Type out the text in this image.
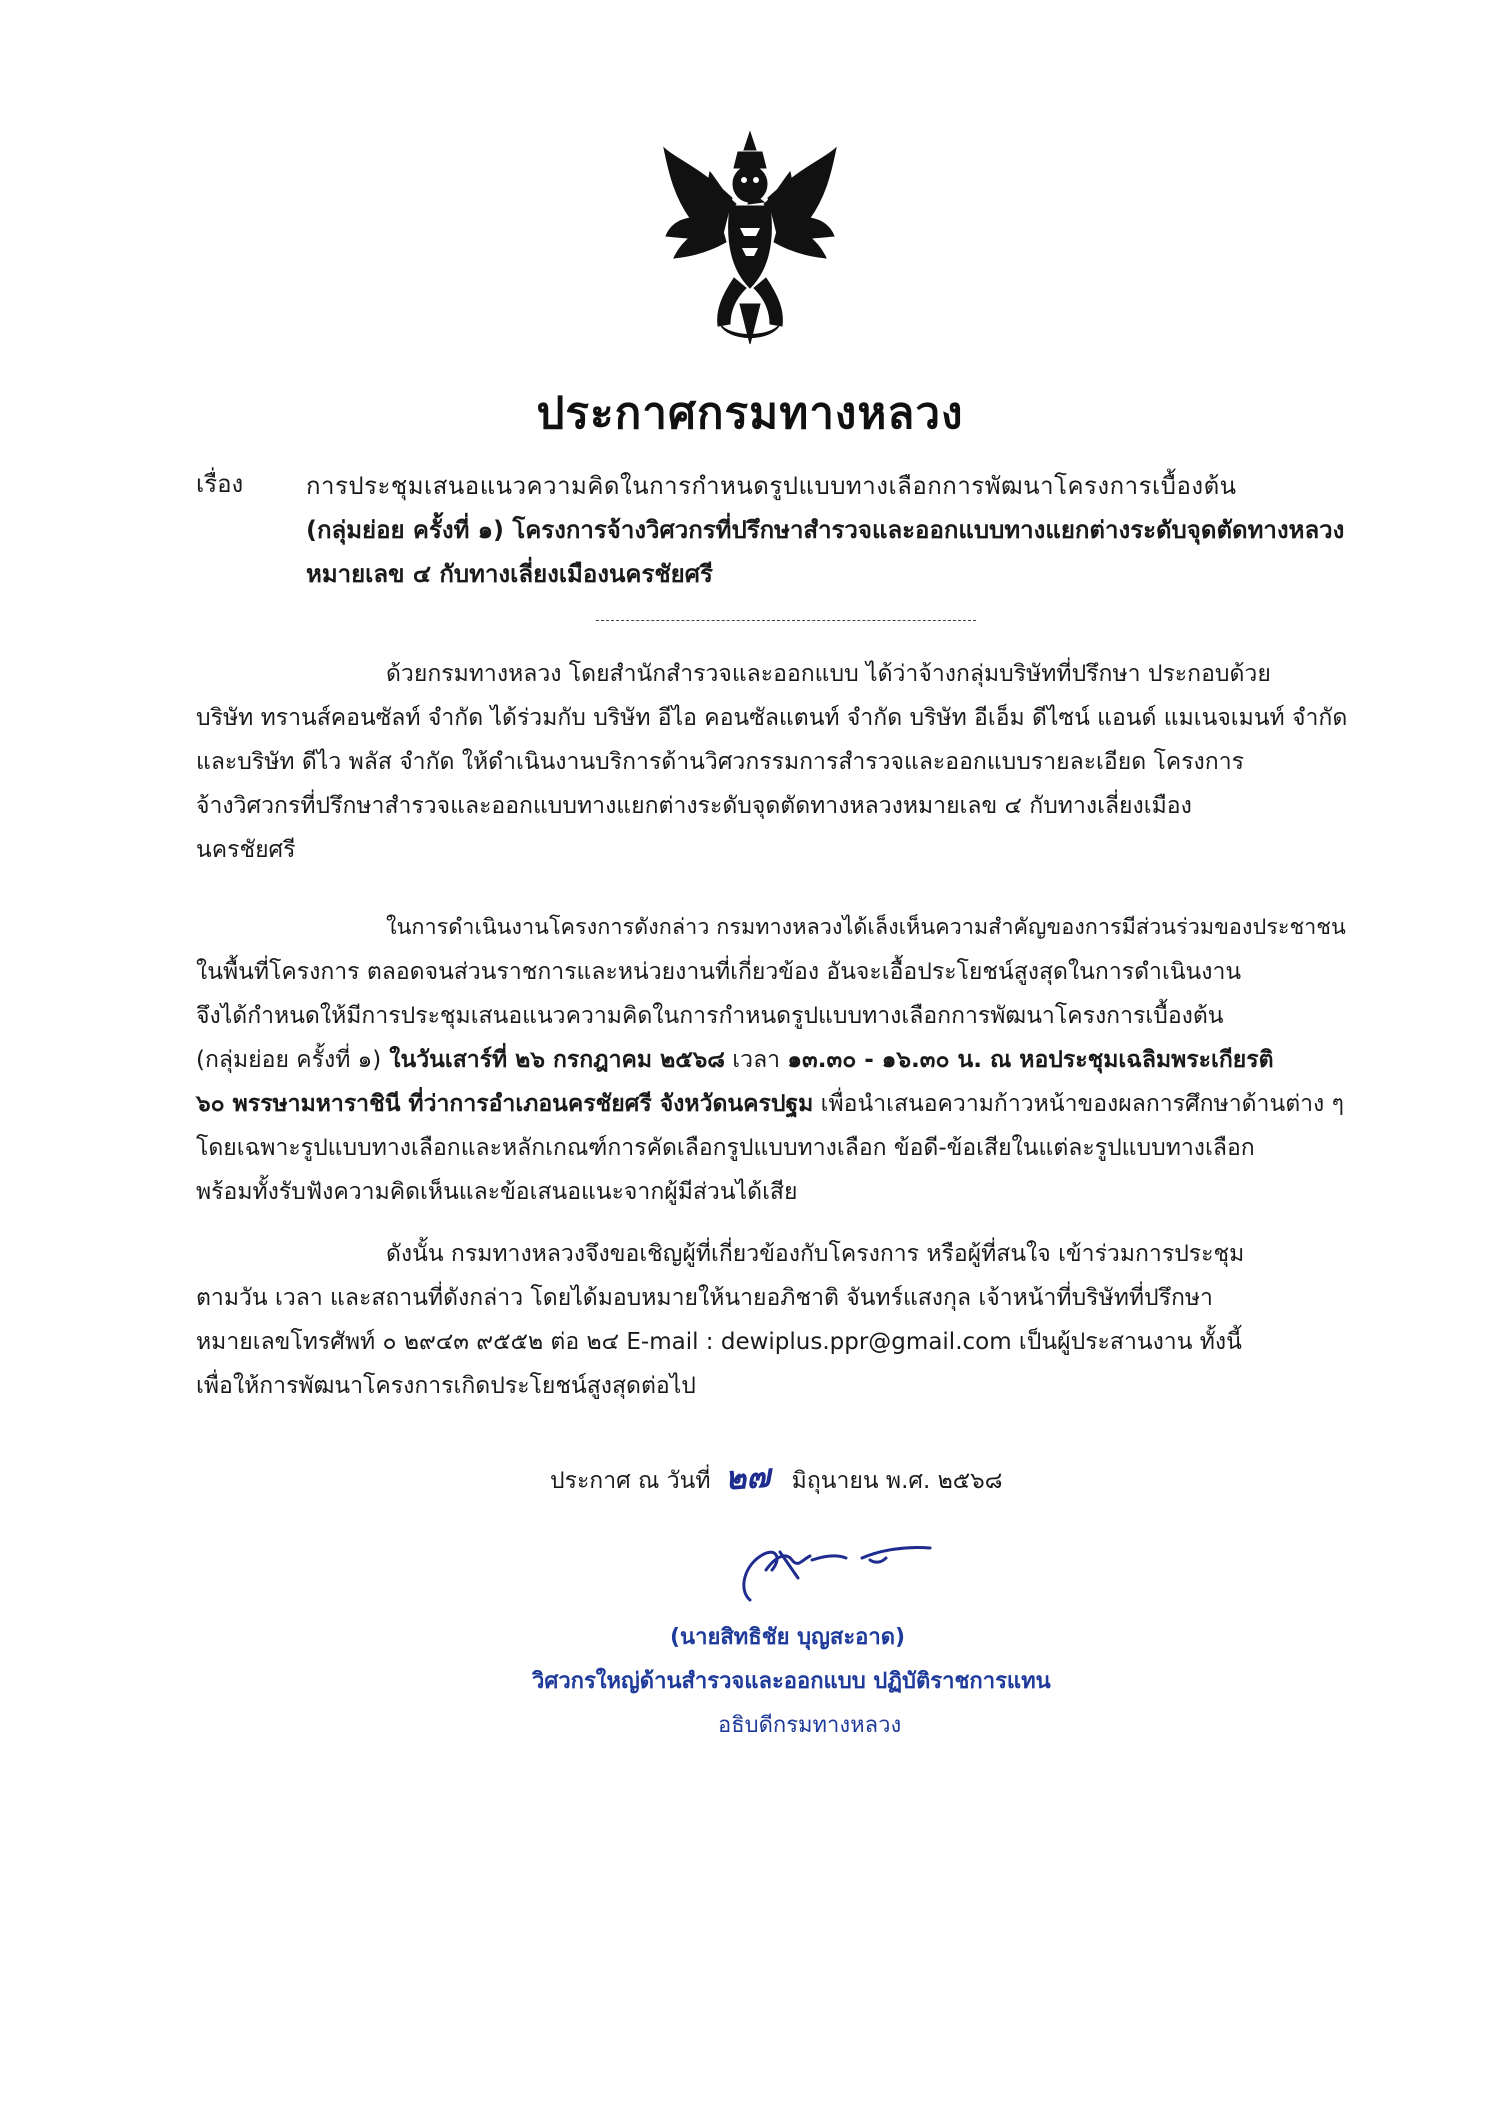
ประกาศกรมทางหลวง
เรื่อง	การประชุมเสนอแนวความคิดในการกำหนดรูปแบบทางเลือกการพัฒนาโครงการเบื้องต้น
(กลุ่มย่อย ครั้งที่ ๑) โครงการจ้างวิศวกรที่ปรึกษาสำรวจและออกแบบทางแยกต่างระดับจุดตัดทางหลวง
หมายเลข ๔ กับทางเลี่ยงเมืองนครชัยศรี
ด้วยกรมทางหลวง โดยสำนักสำรวจและออกแบบ ได้ว่าจ้างกลุ่มบริษัทที่ปรึกษา ประกอบด้วย
บริษัท ทรานส์คอนซัลท์ จำกัด ได้ร่วมกับ บริษัท อีไอ คอนซัลแตนท์ จำกัด บริษัท อีเอ็ม ดีไซน์ แอนด์ แมเนจเมนท์ จำกัด
และบริษัท ดีไว พลัส จำกัด ให้ดำเนินงานบริการด้านวิศวกรรมการสำรวจและออกแบบรายละเอียด โครงการ
จ้างวิศวกรที่ปรึกษาสำรวจและออกแบบทางแยกต่างระดับจุดตัดทางหลวงหมายเลข ๔ กับทางเลี่ยงเมือง
นครชัยศรี
ในการดำเนินงานโครงการดังกล่าว กรมทางหลวงได้เล็งเห็นความสำคัญของการมีส่วนร่วมของประชาชน
ในพื้นที่โครงการ ตลอดจนส่วนราชการและหน่วยงานที่เกี่ยวข้อง อันจะเอื้อประโยชน์สูงสุดในการดำเนินงาน
จึงได้กำหนดให้มีการประชุมเสนอแนวความคิดในการกำหนดรูปแบบทางเลือกการพัฒนาโครงการเบื้องต้น
(กลุ่มย่อย ครั้งที่ ๑) ในวันเสาร์ที่ ๒๖ กรกฎาคม ๒๕๖๘ เวลา ๑๓.๓๐ - ๑๖.๓๐ น. ณ หอประชุมเฉลิมพระเกียรติ
๖๐ พรรษามหาราชินี ที่ว่าการอำเภอนครชัยศรี จังหวัดนครปฐม เพื่อนำเสนอความก้าวหน้าของผลการศึกษาด้านต่าง ๆ
โดยเฉพาะรูปแบบทางเลือกและหลักเกณฑ์การคัดเลือกรูปแบบทางเลือก ข้อดี-ข้อเสียในแต่ละรูปแบบทางเลือก
พร้อมทั้งรับฟังความคิดเห็นและข้อเสนอแนะจากผู้มีส่วนได้เสีย
ดังนั้น กรมทางหลวงจึงขอเชิญผู้ที่เกี่ยวข้องกับโครงการ หรือผู้ที่สนใจ เข้าร่วมการประชุม
ตามวัน เวลา และสถานที่ดังกล่าว โดยได้มอบหมายให้นายอภิชาติ จันทร์แสงกุล เจ้าหน้าที่บริษัทที่ปรึกษา
หมายเลขโทรศัพท์ ๐ ๒๙๔๓ ๙๕๕๒ ต่อ ๒๔ E-mail : dewiplus.ppr@gmail.com เป็นผู้ประสานงาน ทั้งนี้
เพื่อให้การพัฒนาโครงการเกิดประโยชน์สูงสุดต่อไป
ประกาศ ณ วันที่ ๒๗ มิถุนายน พ.ศ. ๒๕๖๘
(นายสิทธิชัย บุญสะอาด)
วิศวกรใหญ่ด้านสำรวจและออกแบบ ปฏิบัติราชการแทน
อธิบดีกรมทางหลวง
